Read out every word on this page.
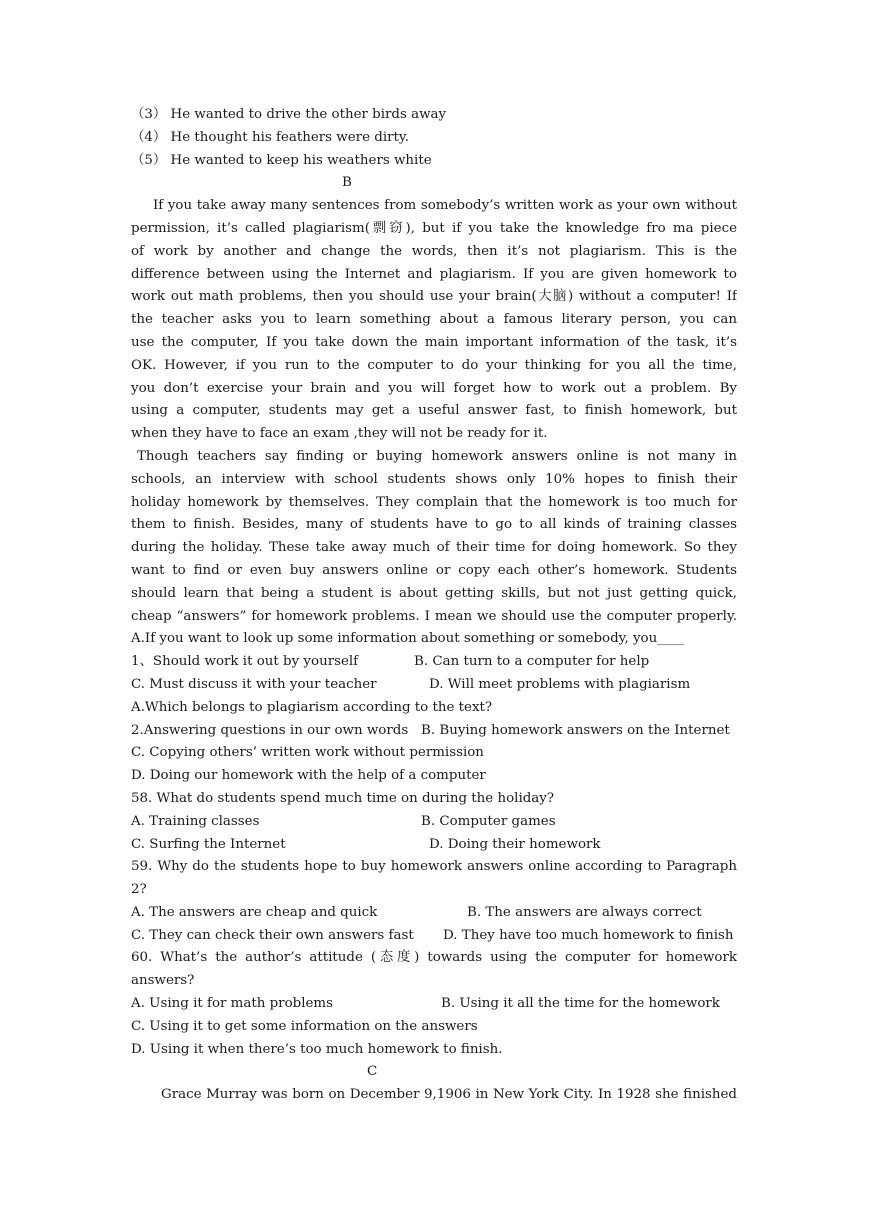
（3） He wanted to drive the other birds away
（4） He thought his feathers were dirty.
（5） He wanted to keep his weathers white
B
If you take away many sentences from somebody’s written work as your own without
permission, it’s called plagiarism(剽窃), but if you take the knowledge fro ma piece
of work by another and change the words, then it’s not plagiarism. This is the
difference between using the Internet and plagiarism. If you are given homework to
work out math problems, then you should use your brain(大脑) without a computer! If
the teacher asks you to learn something about a famous literary person, you can
use the computer, If you take down the main important information of the task, it’s
OK. However, if you run to the computer to do your thinking for you all the time,
you don’t exercise your brain and you will forget how to work out a problem. By
using a computer, students may get a useful answer fast, to finish homework, but
when they have to face an exam ,they will not be ready for it.
Though teachers say finding or buying homework answers online is not many in
schools, an interview with school students shows only 10% hopes to finish their
holiday homework by themselves. They complain that the homework is too much for
them to finish. Besides, many of students have to go to all kinds of training classes
during the holiday. These take away much of their time for doing homework. So they
want to find or even buy answers online or copy each other’s homework. Students
should learn that being a student is about getting skills, but not just getting quick,
cheap “answers” for homework problems. I mean we should use the computer properly.
A.If you want to look up some information about something or somebody, you____
1、Should work it out by yourself	B. Can turn to a computer for help
C. Must discuss it with your teacher	D. Will meet problems with plagiarism
A.Which belongs to plagiarism according to the text?
2.Answering questions in our own words B. Buying homework answers on the Internet
C. Copying others’ written work without permission
D. Doing our homework with the help of a computer
58. What do students spend much time on during the holiday?
A. Training classes	B. Computer games
C. Surfing the Internet	D. Doing their homework
59. Why do the students hope to buy homework answers online according to Paragraph
2?
A. The answers are cheap and quick	B. The answers are always correct
C. They can check their own answers fast	D. They have too much homework to finish
60. What’s the author’s attitude (态度) towards using the computer for homework
answers?
A. Using it for math problems	B. Using it all the time for the homework
C. Using it to get some information on the answers
D. Using it when there’s too much homework to finish.
C
Grace Murray was born on December 9,1906 in New York City. In 1928 she finished
